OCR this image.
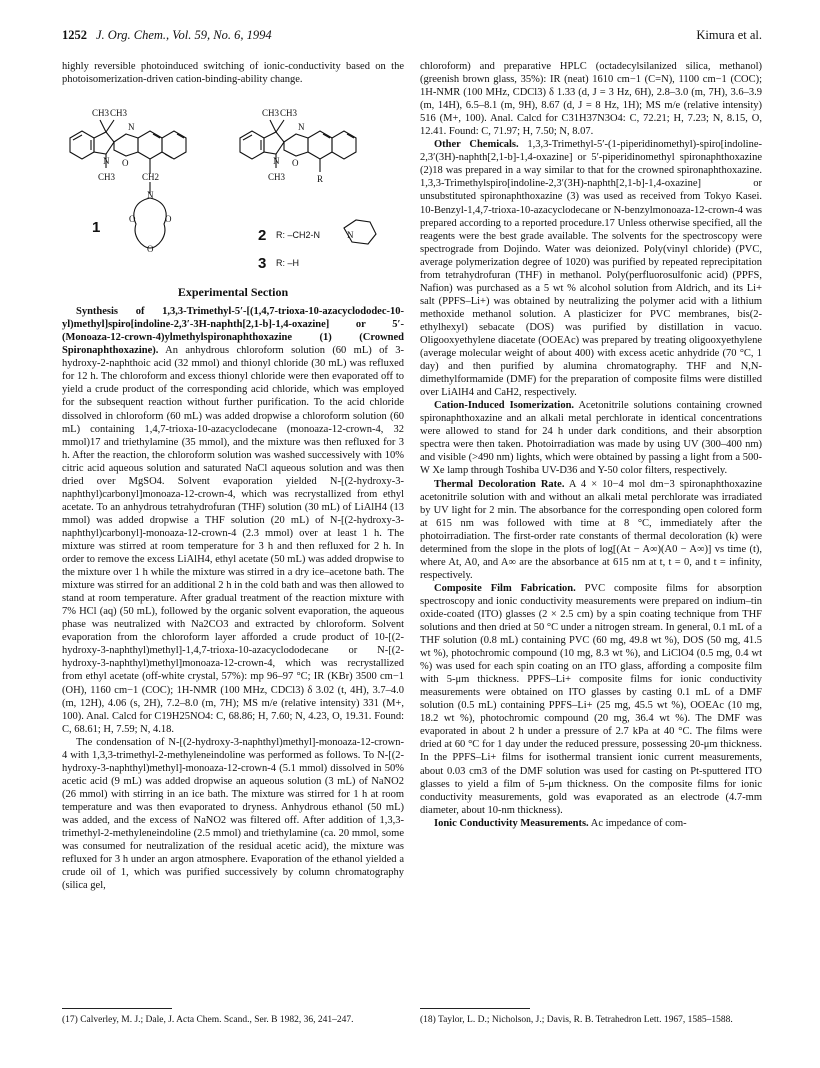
1252 J. Org. Chem., Vol. 59, No. 6, 1994	Kimura et al.

highly reversible photoinduced switching of ionic-conductivity based on the photoisomerization-driven cation-binding-ability change.

CH3 CH3
N
N O
CH3	CH2
N
O	O
O
CH3 CH3
N
N O
CH3	R
N
1	2
3
R: –CH2-N
R: –H
Experimental Section

Synthesis of 1,3,3-Trimethyl-5′-[(1,4,7-trioxa-10-azacyclododec-10-yl)methyl]spiro[indoline-2,3′-3H-naphth[2,1-b]-1,4-oxazine] or 5′-(Monoaza-12-crown-4)ylmethylspironaphthoxazine (1) (Crowned Spironaphthoxazine). An anhydrous chloroform solution (60 mL) of 3-hydroxy-2-naphthoic acid (32 mmol) and thionyl chloride (30 mL) was refluxed for 12 h. The chloroform and excess thionyl chloride were then evaporated off to yield a crude product of the corresponding acid chloride, which was employed for the subsequent reaction without further purification. To the acid chloride dissolved in chloroform (60 mL) was added dropwise a chloroform solution (60 mL) containing 1,4,7-trioxa-10-azacyclodecane (monoaza-12-crown-4, 32 mmol)17 and triethylamine (35 mmol), and the mixture was then refluxed for 3 h. After the reaction, the chloroform solution was washed successively with 10% citric acid aqueous solution and saturated NaCl aqueous solution and was then dried over MgSO4. Solvent evaporation yielded N-[(2-hydroxy-3-naphthyl)carbonyl]monoaza-12-crown-4, which was recrystallized from ethyl acetate. To an anhydrous tetrahydrofuran (THF) solution (30 mL) of LiAlH4 (13 mmol) was added dropwise a THF solution (20 mL) of N-[(2-hydroxy-3-naphthyl)carbonyl]-monoaza-12-crown-4 (2.3 mmol) over at least 1 h. The mixture was stirred at room temperature for 3 h and then refluxed for 2 h. In order to remove the excess LiAlH4, ethyl acetate (50 mL) was added dropwise to the mixture over 1 h while the mixture was stirred in a dry ice–acetone bath. The mixture was stirred for an additional 2 h in the cold bath and was then allowed to stand at room temperature. After gradual treatment of the reaction mixture with 7% HCl (aq) (50 mL), followed by the organic solvent evaporation, the aqueous phase was neutralized with Na2CO3 and extracted by chloroform. Solvent evaporation from the chloroform layer afforded a crude product of 10-[(2-hydroxy-3-naphthyl)methyl]-1,4,7-trioxa-10-azacyclododecane or N-[(2-hydroxy-3-naphthyl)methyl]monoaza-12-crown-4, which was recrystallized from ethyl acetate (off-white crystal, 57%): mp 96–97 °C; IR (KBr) 3500 cm−1 (OH), 1160 cm−1 (COC); 1H-NMR (100 MHz, CDCl3) δ 3.02 (t, 4H), 3.7–4.0 (m, 12H), 4.06 (s, 2H), 7.2–8.0 (m, 7H); MS m/e (relative intensity) 331 (M+, 100). Anal. Calcd for C19H25NO4: C, 68.86; H, 7.60; N, 4.23, O, 19.31. Found: C, 68.61; H, 7.59; N, 4.18.

The condensation of N-[(2-hydroxy-3-naphthyl)methyl]-monoaza-12-crown-4 with 1,3,3-trimethyl-2-methyleneindoline was performed as follows. To N-[(2-hydroxy-3-naphthyl)methyl]-monoaza-12-crown-4 (5.1 mmol) dissolved in 50% acetic acid (9 mL) was added dropwise an aqueous solution (3 mL) of NaNO2 (26 mmol) with stirring in an ice bath. The mixture was stirred for 1 h at room temperature and was then evaporated to dryness. Anhydrous ethanol (50 mL) was added, and the excess of NaNO2 was filtered off. After addition of 1,3,3-trimethyl-2-methyleneindoline (2.5 mmol) and triethylamine (ca. 20 mmol, some was consumed for neutralization of the residual acetic acid), the mixture was refluxed for 3 h under an argon atmosphere. Evaporation of the ethanol yielded a crude oil of 1, which was purified successively by column chromatography (silica gel,

chloroform) and preparative HPLC (octadecylsilanized silica, methanol) (greenish brown glass, 35%): IR (neat) 1610 cm−1 (C=N), 1100 cm−1 (COC); 1H-NMR (100 MHz, CDCl3) δ 1.33 (d, J = 3 Hz, 6H), 2.8–3.0 (m, 7H), 3.6–3.9 (m, 14H), 6.5–8.1 (m, 9H), 8.67 (d, J = 8 Hz, 1H); MS m/e (relative intensity) 516 (M+, 100). Anal. Calcd for C31H37N3O4: C, 72.21; H, 7.23; N, 8.15, O, 12.41. Found: C, 71.97; H, 7.50; N, 8.07.

Other Chemicals. 1,3,3-Trimethyl-5′-(1-piperidinomethyl)-spiro[indoline-2,3′(3H)-naphth[2,1-b]-1,4-oxazine] or 5′-piperidinomethyl spironaphthoxazine (2)18 was prepared in a way similar to that for the crowned spironaphthoxazine. 1,3,3-Trimethylspiro[indoline-2,3′(3H)-naphth[2,1-b]-1,4-oxazine] or unsubstituted spironaphthoxazine (3) was used as received from Tokyo Kasei. 10-Benzyl-1,4,7-trioxa-10-azacyclodecane or N-benzylmonoaza-12-crown-4 was prepared according to a reported procedure.17 Unless otherwise specified, all the reagents were the best grade available. The solvents for the spectroscopy were spectrograde from Dojindo. Water was deionized. Poly(vinyl chloride) (PVC, average polymerization degree of 1020) was purified by repeated reprecipitation from tetrahydrofuran (THF) in methanol. Poly(perfluorosulfonic acid) (PPFS, Nafion) was purchased as a 5 wt % alcohol solution from Aldrich, and its Li+ salt (PPFS–Li+) was obtained by neutralizing the polymer acid with a lithium methoxide methanol solution. A plasticizer for PVC membranes, bis(2-ethylhexyl) sebacate (DOS) was purified by distillation in vacuo. Oligooxyethylene diacetate (OOEAc) was prepared by treating oligooxyethylene (average molecular weight of about 400) with excess acetic anhydride (70 °C, 1 day) and then purified by alumina chromatography. THF and N,N-dimethylformamide (DMF) for the preparation of composite films were distilled over LiAlH4 and CaH2, respectively.

Cation-Induced Isomerization. Acetonitrile solutions containing crowned spironaphthoxazine and an alkali metal perchlorate in identical concentrations were allowed to stand for 24 h under dark conditions, and their absorption spectra were then taken. Photoirradiation was made by using UV (300–400 nm) and visible (>490 nm) lights, which were obtained by passing a light from a 500-W Xe lamp through Toshiba UV-D36 and Y-50 color filters, respectively.

Thermal Decoloration Rate. A 4 × 10−4 mol dm−3 spironaphthoxazine acetonitrile solution with and without an alkali metal perchlorate was irradiated by UV light for 2 min. The absorbance for the corresponding open colored form at 615 nm was followed with time at 8 °C, immediately after the photoirradiation. The first-order rate constants of thermal decoloration (k) were determined from the slope in the plots of log[(At − A∞)(A0 − A∞)] vs time (t), where At, A0, and A∞ are the absorbance at 615 nm at t, t = 0, and t = infinity, respectively.

Composite Film Fabrication. PVC composite films for absorption spectroscopy and ionic conductivity measurements were prepared on indium–tin oxide-coated (ITO) glasses (2 × 2.5 cm) by a spin coating technique from THF solutions and then dried at 50 °C under a nitrogen stream. In general, 0.1 mL of a THF solution (0.8 mL) containing PVC (60 mg, 49.8 wt %), DOS (50 mg, 41.5 wt %), photochromic compound (10 mg, 8.3 wt %), and LiClO4 (0.5 mg, 0.4 wt %) was used for each spin coating on an ITO glass, affording a composite film with 5-μm thickness. PPFS–Li+ composite films for ionic conductivity measurements were obtained on ITO glasses by casting 0.1 mL of a DMF solution (0.5 mL) containing PPFS–Li+ (25 mg, 45.5 wt %), OOEAc (10 mg, 18.2 wt %), photochromic compound (20 mg, 36.4 wt %). The DMF was evaporated in about 2 h under a pressure of 2.7 kPa at 40 °C. The films were dried at 60 °C for 1 day under the reduced pressure, possessing 20-μm thickness. In the PPFS–Li+ films for isothermal transient ionic current measurements, about 0.03 cm3 of the DMF solution was used for casting on Pt-sputtered ITO glasses to yield a film of 5-μm thickness. On the composite films for ionic conductivity measurements, gold was evaporated as an electrode (4.7-mm diameter, about 10-nm thickness).

Ionic Conductivity Measurements. Ac impedance of com-

(17) Calverley, M. J.; Dale, J. Acta Chem. Scand., Ser. B 1982, 36, 241–247.	(18) Taylor, L. D.; Nicholson, J.; Davis, R. B. Tetrahedron Lett. 1967, 1585–1588.
